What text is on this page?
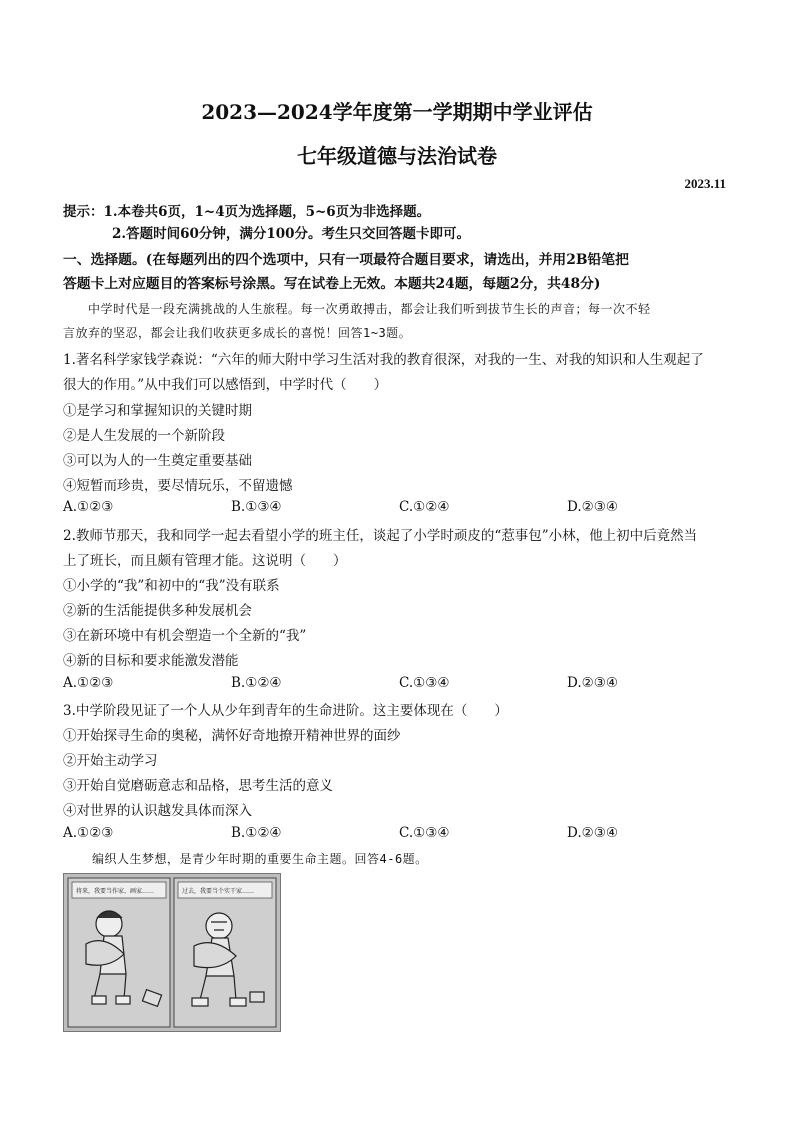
2023—2024学年度第一学期期中学业评估
七年级道德与法治试卷
2023.11
提示：1.本卷共6页，1~4页为选择题，5~6页为非选择题。
2.答题时间60分钟，满分100分。考生只交回答题卡即可。
一、选择题。(在每题列出的四个选项中，只有一项最符合题目要求，请选出，并用2B铅笔把
答题卡上对应题目的答案标号涂黑。写在试卷上无效。本题共24题，每题2分，共48分)
中学时代是一段充满挑战的人生旅程。每一次勇敢搏击，都会让我们听到拔节生长的声音；每一次不轻
言放弃的坚忍，都会让我们收获更多成长的喜悦！回答1~3题。
1.著名科学家钱学森说：“六年的师大附中学习生活对我的教育很深，对我的一生、对我的知识和人生观起了
很大的作用。”从中我们可以感悟到，中学时代（　　）
①是学习和掌握知识的关键时期
②是人生发展的一个新阶段
③可以为人的一生奠定重要基础
④短暂而珍贵，要尽情玩乐，不留遗憾
A.①②③	B.①③④	C.①②④	D.②③④
2.教师节那天，我和同学一起去看望小学的班主任，谈起了小学时顽皮的“惹事包”小林，他上初中后竟然当
上了班长，而且颇有管理才能。这说明（　　）
①小学的“我”和初中的“我”没有联系
②新的生活能提供多种发展机会
③在新环境中有机会塑造一个全新的“我”
④新的目标和要求能激发潜能
A.①②③	B.①②④	C.①③④	D.②③④
3.中学阶段见证了一个人从少年到青年的生命进阶。这主要体现在（　　）
①开始探寻生命的奥秘，满怀好奇地撩开精神世界的面纱
②开始主动学习
③开始自觉磨砺意志和品格，思考生活的意义
④对世界的认识越发具体而深入
A.①②③	B.①②④	C.①③④	D.②③④
编织人生梦想，是青少年时期的重要生命主题。回答4-6题。
将来，我要当作家、画家……	过去，我要当个实干家……
